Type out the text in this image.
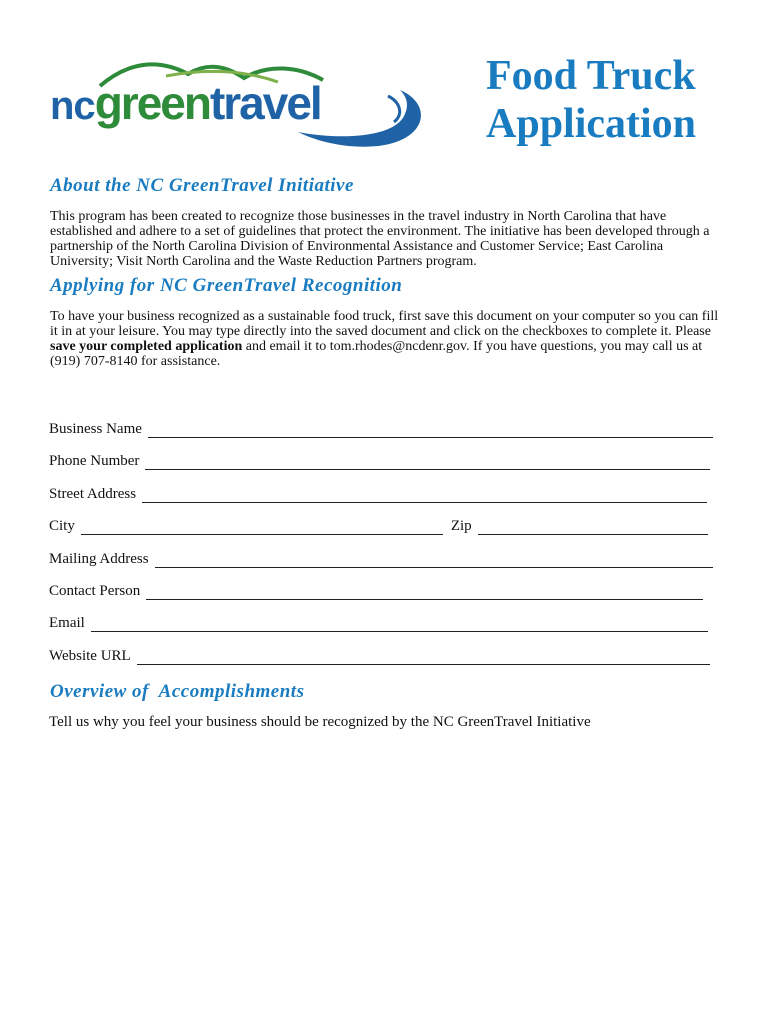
ncgreentravel
Food Truck
Application
About the NC GreenTravel Initiative

This program has been created to recognize those businesses in the travel industry in North Carolina that have established and adhere to a set of guidelines that protect the environment. The initiative has been developed through a partnership of the North Carolina Division of Environmental Assistance and Customer Service; East Carolina University; Visit North Carolina and the Waste Reduction Partners program.

Applying for NC GreenTravel Recognition

To have your business recognized as a sustainable food truck, first save this document on your computer so you can fill it in at your leisure. You may type directly into the saved document and click on the checkboxes to complete it. Please save your completed application and email it to tom.rhodes@ncdenr.gov. If you have questions, you may call us at (919) 707-8140 for assistance.

Business Name
Phone Number
Street Address
City	Zip
Mailing Address
Contact Person
Email
Website URL
Overview of  Accomplishments

Tell us why you feel your business should be recognized by the NC GreenTravel Initiative
